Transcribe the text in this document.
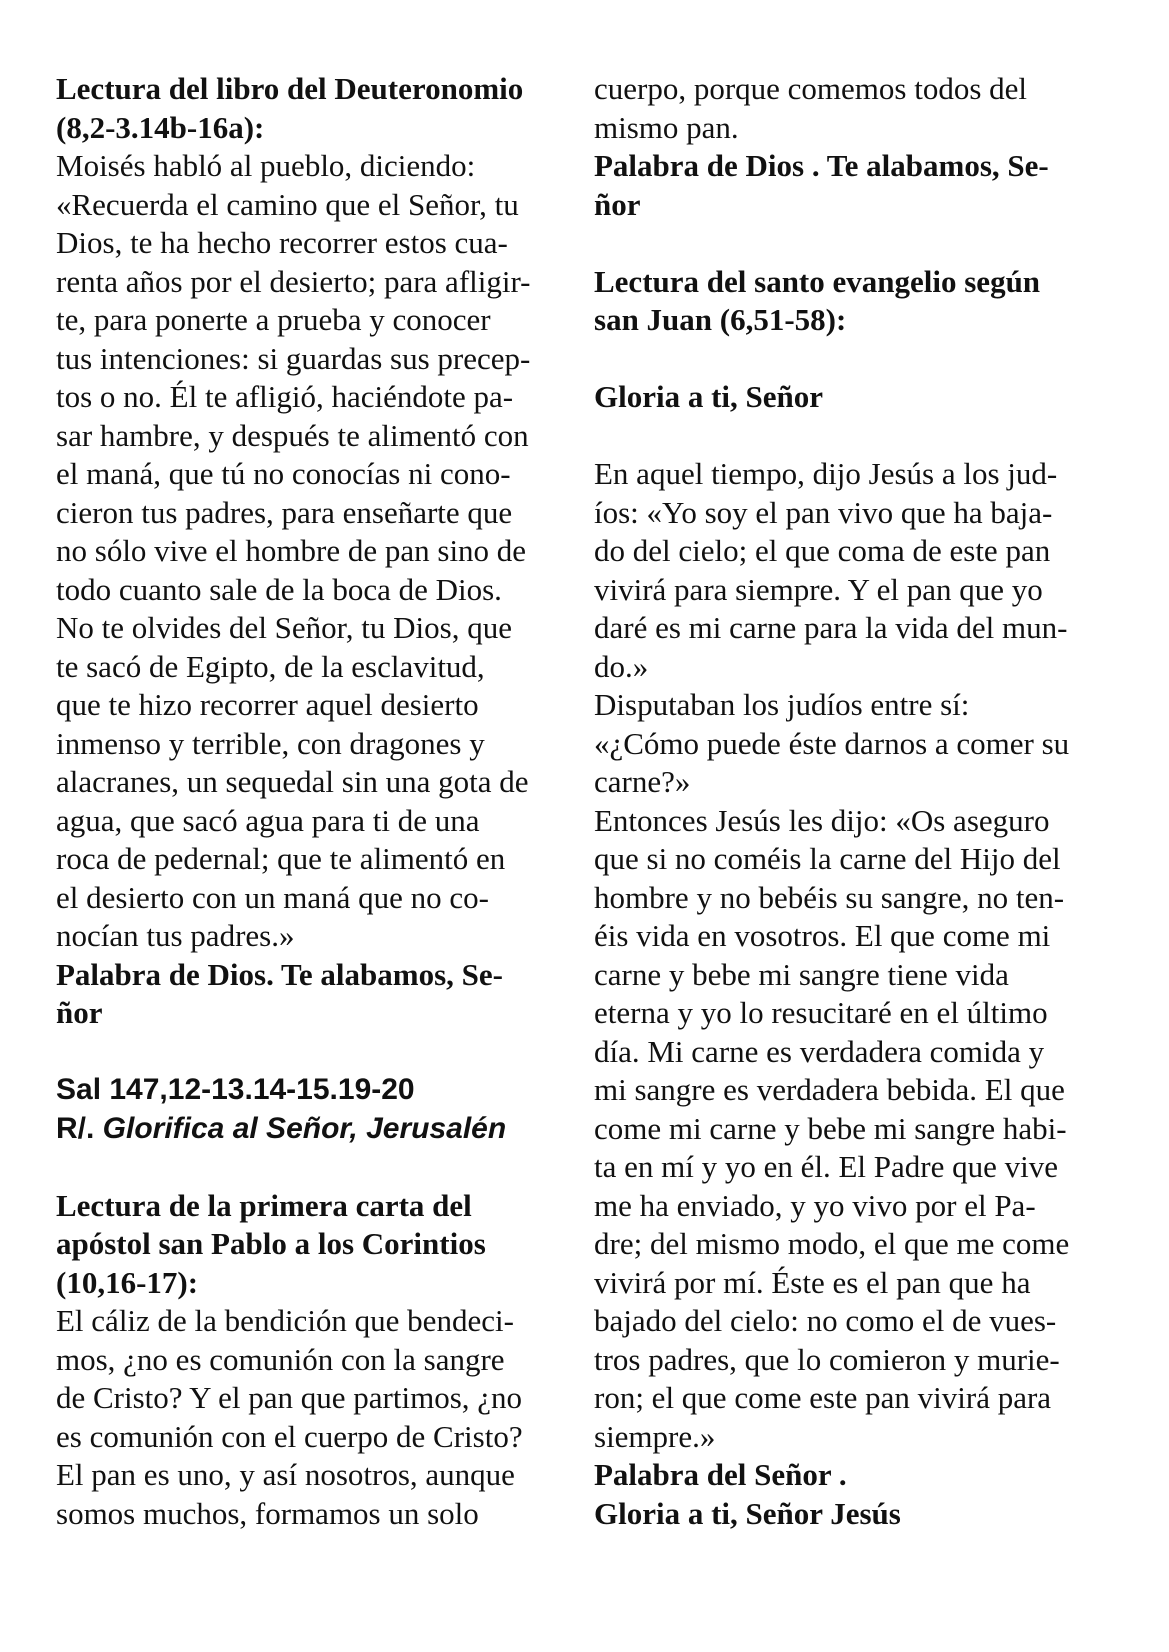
Lectura del libro del Deuteronomio
(8,2-3.14b-16a):
Moisés habló al pueblo, diciendo:
«Recuerda el camino que el Señor, tu
Dios, te ha hecho recorrer estos cua-
renta años por el desierto; para afligir-
te, para ponerte a prueba y conocer
tus intenciones: si guardas sus precep-
tos o no. Él te afligió, haciéndote pa-
sar hambre, y después te alimentó con
el maná, que tú no conocías ni cono-
cieron tus padres, para enseñarte que
no sólo vive el hombre de pan sino de
todo cuanto sale de la boca de Dios.
No te olvides del Señor, tu Dios, que
te sacó de Egipto, de la esclavitud,
que te hizo recorrer aquel desierto
inmenso y terrible, con dragones y
alacranes, un sequedal sin una gota de
agua, que sacó agua para ti de una
roca de pedernal; que te alimentó en
el desierto con un maná que no co-
nocían tus padres.»
Palabra de Dios. Te alabamos, Se-
ñor
Sal 147,12-13.14-15.19-20
R/. Glorifica al Señor, Jerusalén
Lectura de la primera carta del
apóstol san Pablo a los Corintios
(10,16-17):
El cáliz de la bendición que bendeci-
mos, ¿no es comunión con la sangre
de Cristo? Y el pan que partimos, ¿no
es comunión con el cuerpo de Cristo?
El pan es uno, y así nosotros, aunque
somos muchos, formamos un solo
cuerpo, porque comemos todos del
mismo pan.
Palabra de Dios . Te alabamos, Se-
ñor
Lectura del santo evangelio según
san Juan (6,51-58):
Gloria a ti, Señor
En aquel tiempo, dijo Jesús a los jud-
íos: «Yo soy el pan vivo que ha baja-
do del cielo; el que coma de este pan
vivirá para siempre. Y el pan que yo
daré es mi carne para la vida del mun-
do.»
Disputaban los judíos entre sí:
«¿Cómo puede éste darnos a comer su
carne?»
Entonces Jesús les dijo: «Os aseguro
que si no coméis la carne del Hijo del
hombre y no bebéis su sangre, no ten-
éis vida en vosotros. El que come mi
carne y bebe mi sangre tiene vida
eterna y yo lo resucitaré en el último
día. Mi carne es verdadera comida y
mi sangre es verdadera bebida. El que
come mi carne y bebe mi sangre habi-
ta en mí y yo en él. El Padre que vive
me ha enviado, y yo vivo por el Pa-
dre; del mismo modo, el que me come
vivirá por mí. Éste es el pan que ha
bajado del cielo: no como el de vues-
tros padres, que lo comieron y murie-
ron; el que come este pan vivirá para
siempre.»
Palabra del Señor .
Gloria a ti, Señor Jesús
